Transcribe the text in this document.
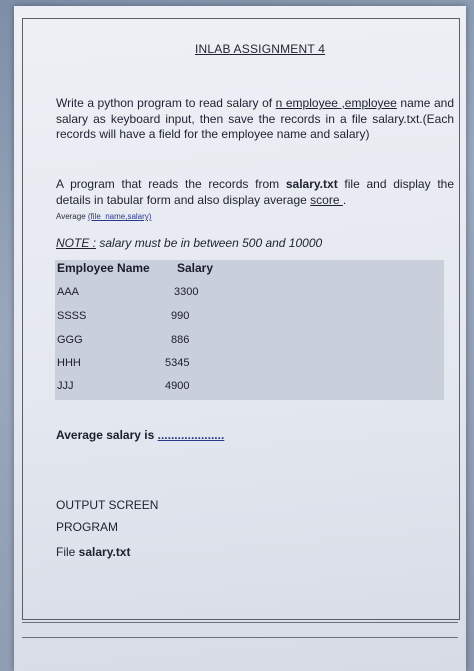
INLAB ASSIGNMENT 4
Write a python program to read salary of n employee ,employee name and salary as keyboard input, then save the records in a file salary.txt.(Each records will have a field for the employee name and salary)
A program that reads the records from salary.txt file and display the details in tabular form and also display average score .
Average (file_name,salary)
NOTE : salary must be in between 500 and 10000
Employee Name Salary
AAA	3300
SSSS	990
GGG	886
HHH	5345
JJJ	4900
Average salary is ....................
OUTPUT SCREEN
PROGRAM
File salary.txt
